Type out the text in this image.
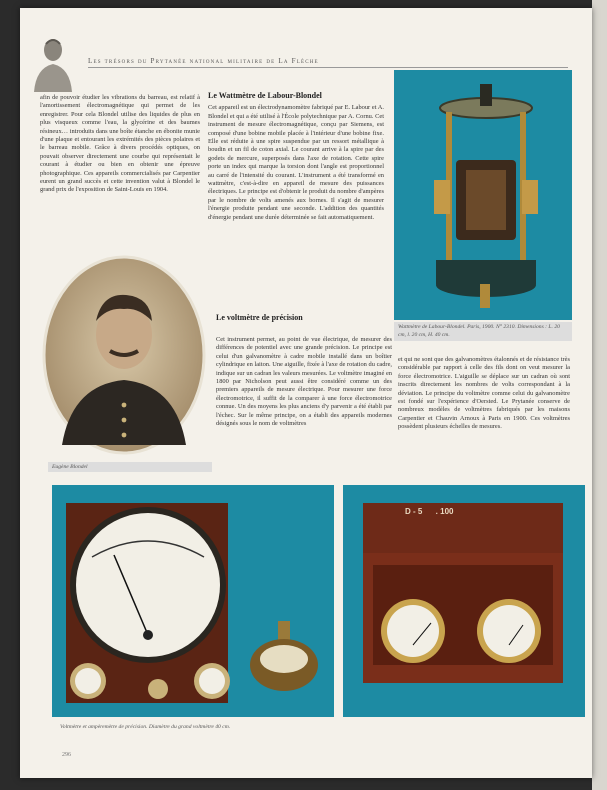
Les trésors du Prytanée national militaire de La Flèche

afin de pouvoir étudier les vibrations du barreau, est relatif à l'amortissement électromagnétique qui permet de les enregistrer. Pour cela Blondel utilise des liquides de plus en plus visqueux comme l'eau, la glycérine et des baumes résineux… introduits dans une boîte étanche en ébonite munie d'une plaque et entourant les extrémités des pièces polaires et le barreau mobile. Grâce à divers procédés optiques, on pouvait observer directement une courbe qui représentait le courant à étudier ou bien en obtenir une épreuve photographique. Ces appareils commercialisés par Carpentier eurent un grand succès et cette invention valut à Blondel le grand prix de l'exposition de Saint-Louis en 1904.

Eugène Blondel
Le Wattmètre de Labour-Blondel

Cet appareil est un électrodynamomètre fabriqué par E. Labour et A. Blondel et qui a été utilisé à l'École polytechnique par A. Cornu. Cet instrument de mesure électromagnétique, conçu par Siemens, est composé d'une bobine mobile placée à l'intérieur d'une bobine fixe. Elle est réduite à une spire suspendue par un ressort métallique à boudin et un fil de coton axial. Le courant arrive à la spire par des godets de mercure, superposés dans l'axe de rotation. Cette spire porte un index qui marque la torsion dont l'angle est proportionnel au carré de l'intensité du courant. L'instrument a été transformé en wattmètre, c'est-à-dire en appareil de mesure des puissances électriques. Le principe est d'obtenir le produit du nombre d'ampères par le nombre de volts amenés aux bornes. Il s'agit de mesurer l'énergie produite pendant une seconde. L'addition des quantités d'énergie pendant une durée déterminée se fait automatiquement.

Le voltmètre de précision

Cet instrument permet, au point de vue électrique, de mesurer des différences de potentiel avec une grande précision. Le principe est celui d'un galvanomètre à cadre mobile installé dans un boîtier cylindrique en laiton. Une aiguille, fixée à l'axe de rotation du cadre, indique sur un cadran les valeurs mesurées. Le voltmètre imaginé en 1800 par Nicholson peut aussi être considéré comme un des premiers appareils de mesure électrique. Pour mesurer une force électromotrice, il suffit de la comparer à une force électromotrice connue. Un des moyens les plus anciens d'y parvenir a été établi par l'échec. Sur le même principe, on a établi des appareils modernes désignés sous le nom de voltmètres

Wattmètre de Labour-Blondel. Paris, 1900. N° 2310. Dimensions : L. 20 cm, l. 20 cm, H. 40 cm.

et qui ne sont que des galvanomètres étalonnés et de résistance très considérable par rapport à celle des fils dont on veut mesurer la force électromotrice. L'aiguille se déplace sur un cadran où sont inscrits directement les nombres de volts correspondant à la déviation. Le principe du voltmètre comme celui du galvanomètre est fondé sur l'expérience d'Oersted. Le Prytanée conserve de nombreux modèles de voltmètres fabriqués par les maisons Carpentier et Chauvin Arnoux à Paris en 1900. Ces voltmètres possèdent plusieurs échelles de mesures.

D - 5      . 100
Voltmètre et ampèremètre de précision. Diamètre du grand voltmètre 40 cm.
296
